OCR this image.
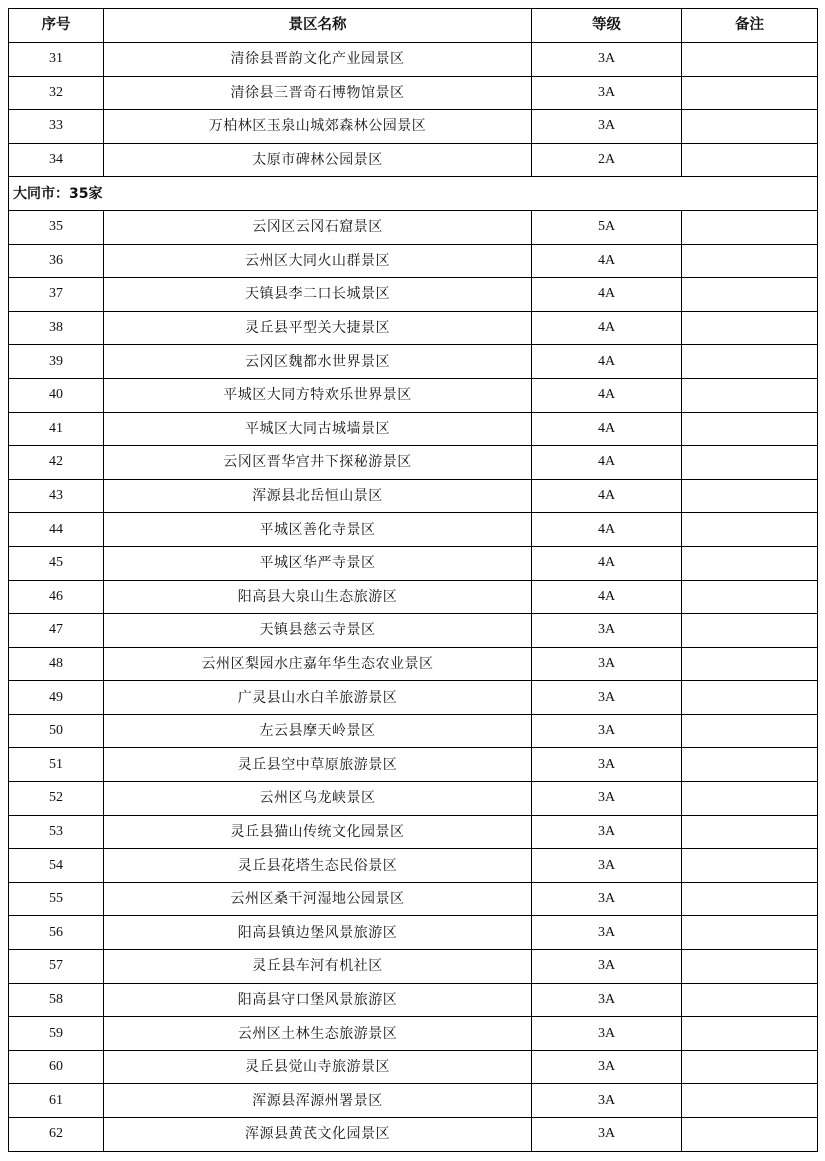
序号	景区名称	等级	备注
31	清徐县晋韵文化产业园景区	3A	
32	清徐县三晋奇石博物馆景区	3A	
33	万柏林区玉泉山城郊森林公园景区	3A	
34	太原市碑林公园景区	2A	
大同市：35家			
35	云冈区云冈石窟景区	5A	
36	云州区大同火山群景区	4A	
37	天镇县李二口长城景区	4A	
38	灵丘县平型关大捷景区	4A	
39	云冈区魏都水世界景区	4A	
40	平城区大同方特欢乐世界景区	4A	
41	平城区大同古城墙景区	4A	
42	云冈区晋华宫井下探秘游景区	4A	
43	浑源县北岳恒山景区	4A	
44	平城区善化寺景区	4A	
45	平城区华严寺景区	4A	
46	阳高县大泉山生态旅游区	4A	
47	天镇县慈云寺景区	3A	
48	云州区梨园水庄嘉年华生态农业景区	3A	
49	广灵县山水白羊旅游景区	3A	
50	左云县摩天岭景区	3A	
51	灵丘县空中草原旅游景区	3A	
52	云州区乌龙峡景区	3A	
53	灵丘县猫山传统文化园景区	3A	
54	灵丘县花塔生态民俗景区	3A	
55	云州区桑干河湿地公园景区	3A	
56	阳高县镇边堡风景旅游区	3A	
57	灵丘县车河有机社区	3A	
58	阳高县守口堡风景旅游区	3A	
59	云州区土林生态旅游景区	3A	
60	灵丘县觉山寺旅游景区	3A	
61	浑源县浑源州署景区	3A	
62	浑源县黄芪文化园景区	3A	
